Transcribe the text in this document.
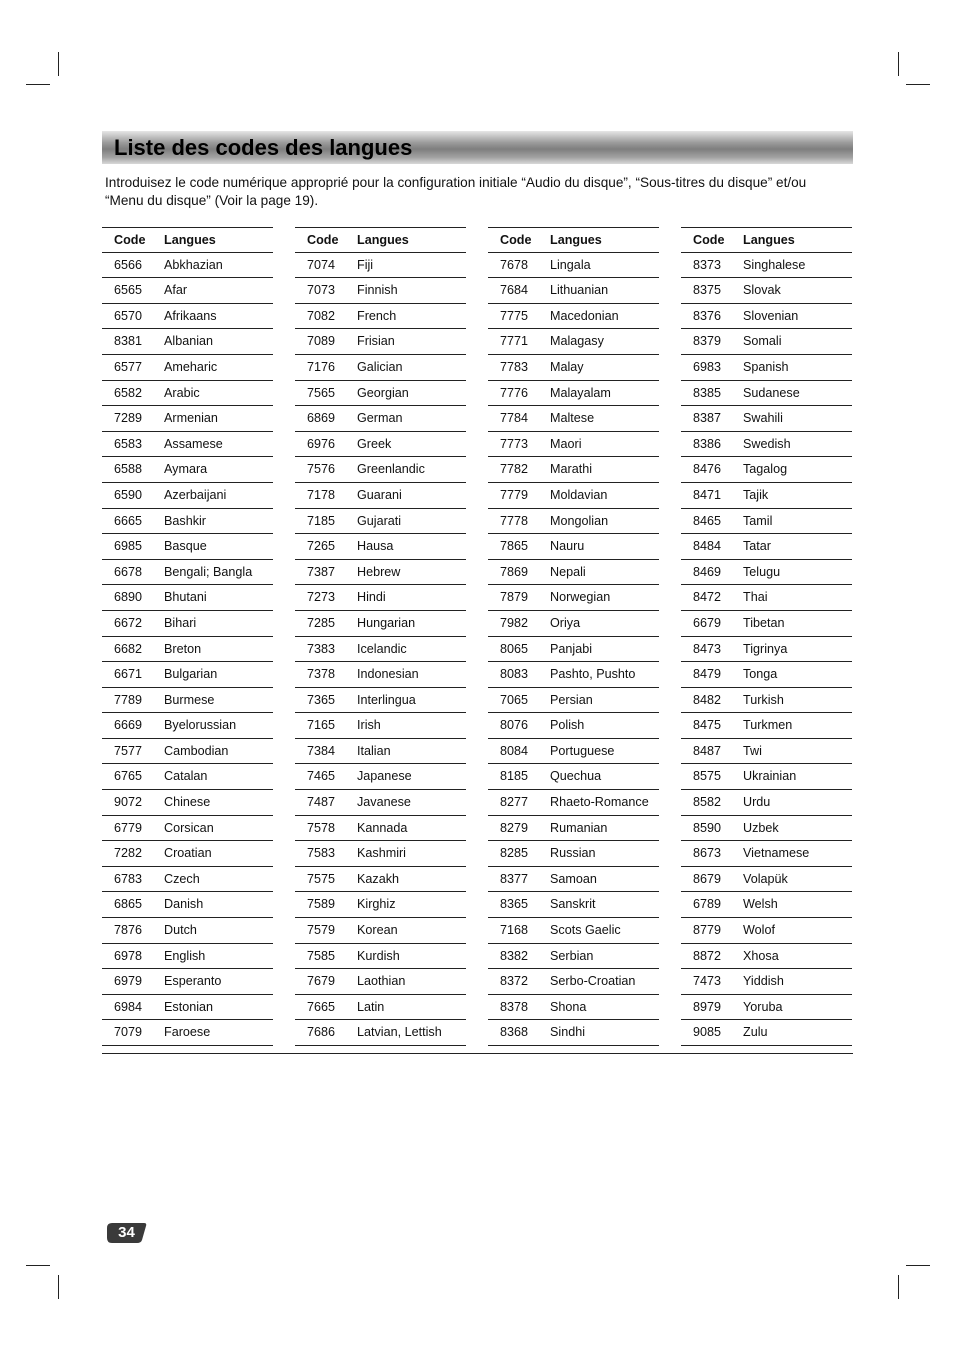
Liste des codes des langues
Introduisez le code numérique approprié pour la configuration initiale “Audio du disque”, “Sous-titres du disque” et/ou “Menu du disque” (Voir la page 19).
Code Langues
6566 Abkhazian
6565 Afar
6570 Afrikaans
8381 Albanian
6577 Ameharic
6582 Arabic
7289 Armenian
6583 Assamese
6588 Aymara
6590 Azerbaijani
6665 Bashkir
6985 Basque
6678 Bengali; Bangla
6890 Bhutani
6672 Bihari
6682 Breton
6671 Bulgarian
7789 Burmese
6669 Byelorussian
7577 Cambodian
6765 Catalan
9072 Chinese
6779 Corsican
7282 Croatian
6783 Czech
6865 Danish
7876 Dutch
6978 English
6979 Esperanto
6984 Estonian
7079 Faroese
Code Langues
7074 Fiji
7073 Finnish
7082 French
7089 Frisian
7176 Galician
7565 Georgian
6869 German
6976 Greek
7576 Greenlandic
7178 Guarani
7185 Gujarati
7265 Hausa
7387 Hebrew
7273 Hindi
7285 Hungarian
7383 Icelandic
7378 Indonesian
7365 Interlingua
7165 Irish
7384 Italian
7465 Japanese
7487 Javanese
7578 Kannada
7583 Kashmiri
7575 Kazakh
7589 Kirghiz
7579 Korean
7585 Kurdish
7679 Laothian
7665 Latin
7686 Latvian, Lettish
Code Langues
7678 Lingala
7684 Lithuanian
7775 Macedonian
7771 Malagasy
7783 Malay
7776 Malayalam
7784 Maltese
7773 Maori
7782 Marathi
7779 Moldavian
7778 Mongolian
7865 Nauru
7869 Nepali
7879 Norwegian
7982 Oriya
8065 Panjabi
8083 Pashto, Pushto
7065 Persian
8076 Polish
8084 Portuguese
8185 Quechua
8277 Rhaeto-Romance
8279 Rumanian
8285 Russian
8377 Samoan
8365 Sanskrit
7168 Scots Gaelic
8382 Serbian
8372 Serbo-Croatian
8378 Shona
8368 Sindhi
Code Langues
8373 Singhalese
8375 Slovak
8376 Slovenian
8379 Somali
6983 Spanish
8385 Sudanese
8387 Swahili
8386 Swedish
8476 Tagalog
8471 Tajik
8465 Tamil
8484 Tatar
8469 Telugu
8472 Thai
6679 Tibetan
8473 Tigrinya
8479 Tonga
8482 Turkish
8475 Turkmen
8487 Twi
8575 Ukrainian
8582 Urdu
8590 Uzbek
8673 Vietnamese
8679 Volapük
6789 Welsh
8779 Wolof
8872 Xhosa
7473 Yiddish
8979 Yoruba
9085 Zulu
34
